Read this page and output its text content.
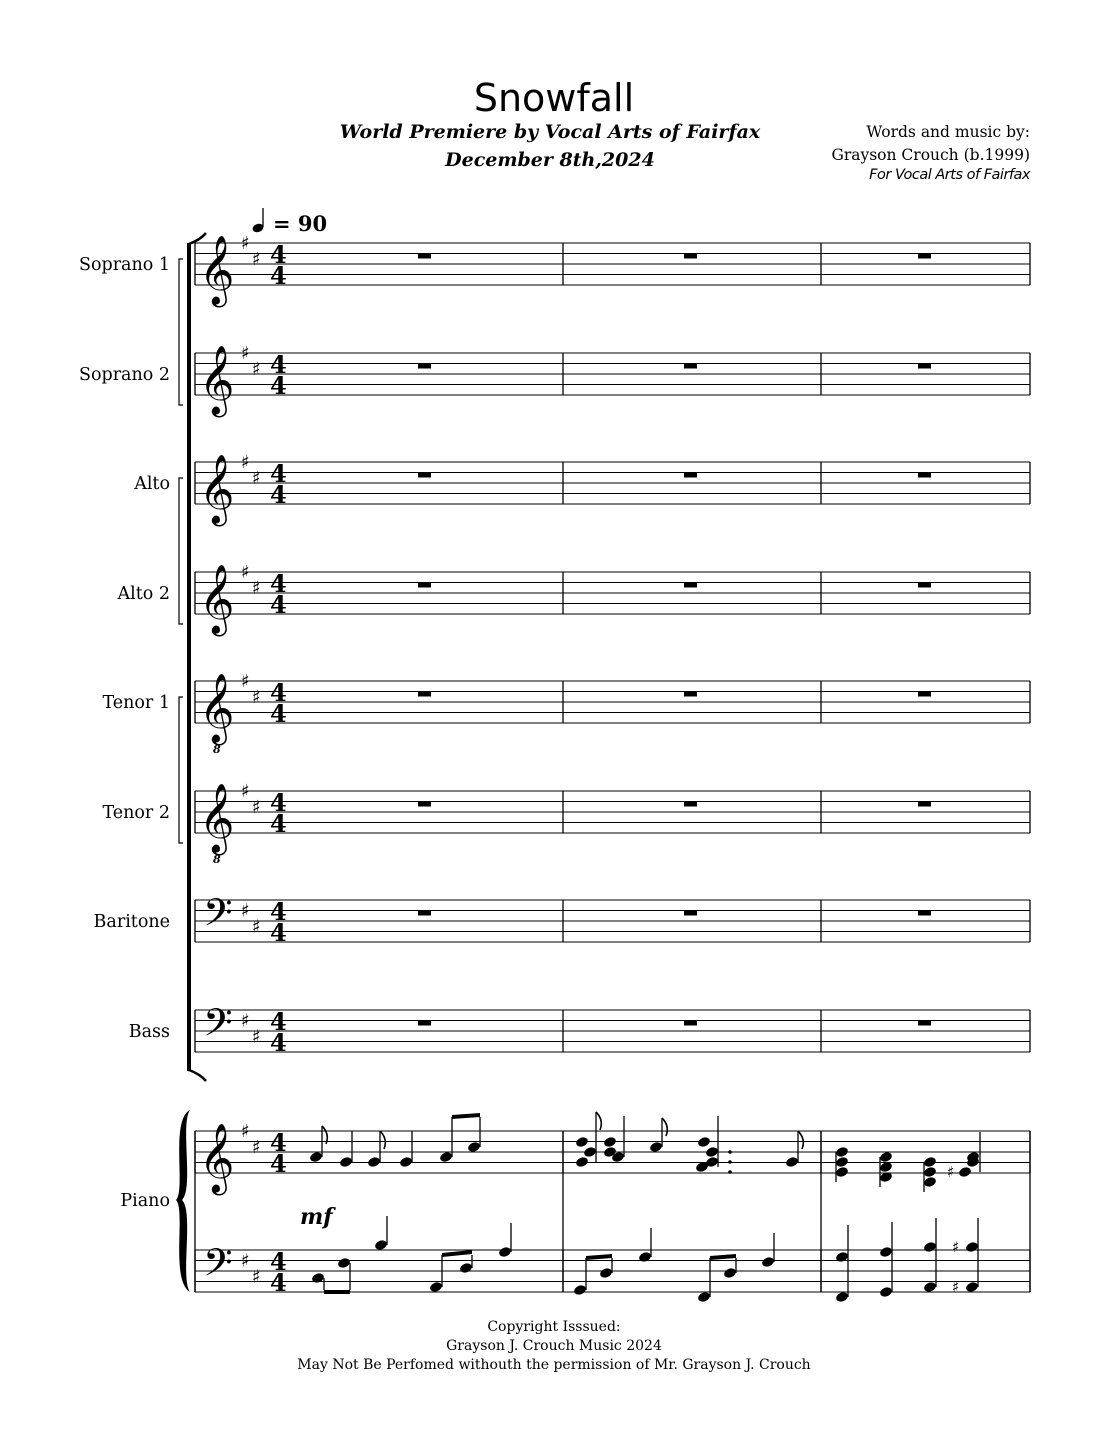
Snowfall
World Premiere by Vocal Arts of Fairfax
December 8th,2024
Words and music by:
Grayson Crouch (b.1999)
For Vocal Arts of Fairfax
= 90
Soprano 1 𝄞 ♯
♯ 4
4
Soprano 2 𝄞 ♯
♯ 4
4
Alto 𝄞 ♯
♯ 4
4
Alto 2 𝄞 ♯
♯ 4
4
Tenor 1 𝄞
8
♯
♯ 4
4
Tenor 2 𝄞
8
♯
♯ 4
4
Baritone 𝄢 ♯
♯
4
4
Bass 𝄢 ♯
♯
4
4
Piano
𝄞 ♯
♯ 4
4
𝄢 ♯
♯
4
4
mf
♯
♯
♯
Copyright Isssued:
Grayson J. Crouch Music 2024
May Not Be Perfomed withouth the permission of Mr. Grayson J. Crouch
